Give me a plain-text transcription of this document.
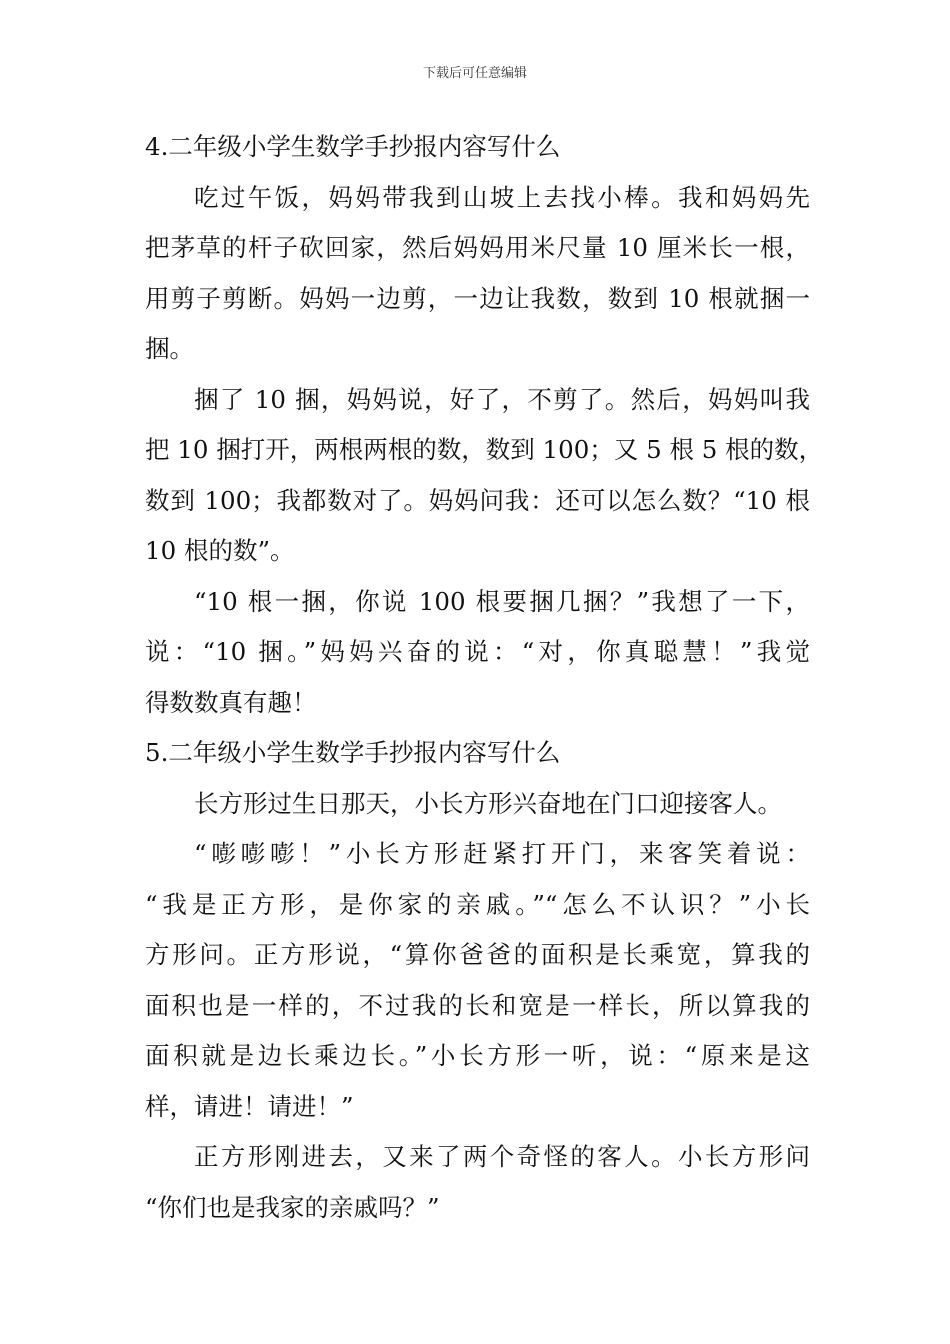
下载后可任意编辑
4.二年级小学生数学手抄报内容写什么
吃过午饭，妈妈带我到山坡上去找小棒。我和妈妈先
把茅草的杆子砍回家，然后妈妈用米尺量 10 厘米长一根，
用剪子剪断。妈妈一边剪，一边让我数，数到 10 根就捆一
捆。
捆了 10 捆，妈妈说，好了，不剪了。然后，妈妈叫我
把 10 捆打开，两根两根的数，数到 100；又 5 根 5 根的数，
数到 100；我都数对了。妈妈问我：还可以怎么数？“10 根
10 根的数”。
“10 根一捆，你说 100 根要捆几捆？”我想了一下，
说：“10 捆。”妈妈兴奋的说：“对，你真聪慧！”我觉
得数数真有趣！
5.二年级小学生数学手抄报内容写什么
长方形过生日那天，小长方形兴奋地在门口迎接客人。
“嘭嘭嘭！”小长方形赶紧打开门，来客笑着说：
“我是正方形，是你家的亲戚。”“怎么不认识？”小长
方形问。正方形说，“算你爸爸的面积是长乘宽，算我的
面积也是一样的，不过我的长和宽是一样长，所以算我的
面积就是边长乘边长。”小长方形一听，说：“原来是这
样，请进！请进！”
正方形刚进去，又来了两个奇怪的客人。小长方形问
“你们也是我家的亲戚吗？”
